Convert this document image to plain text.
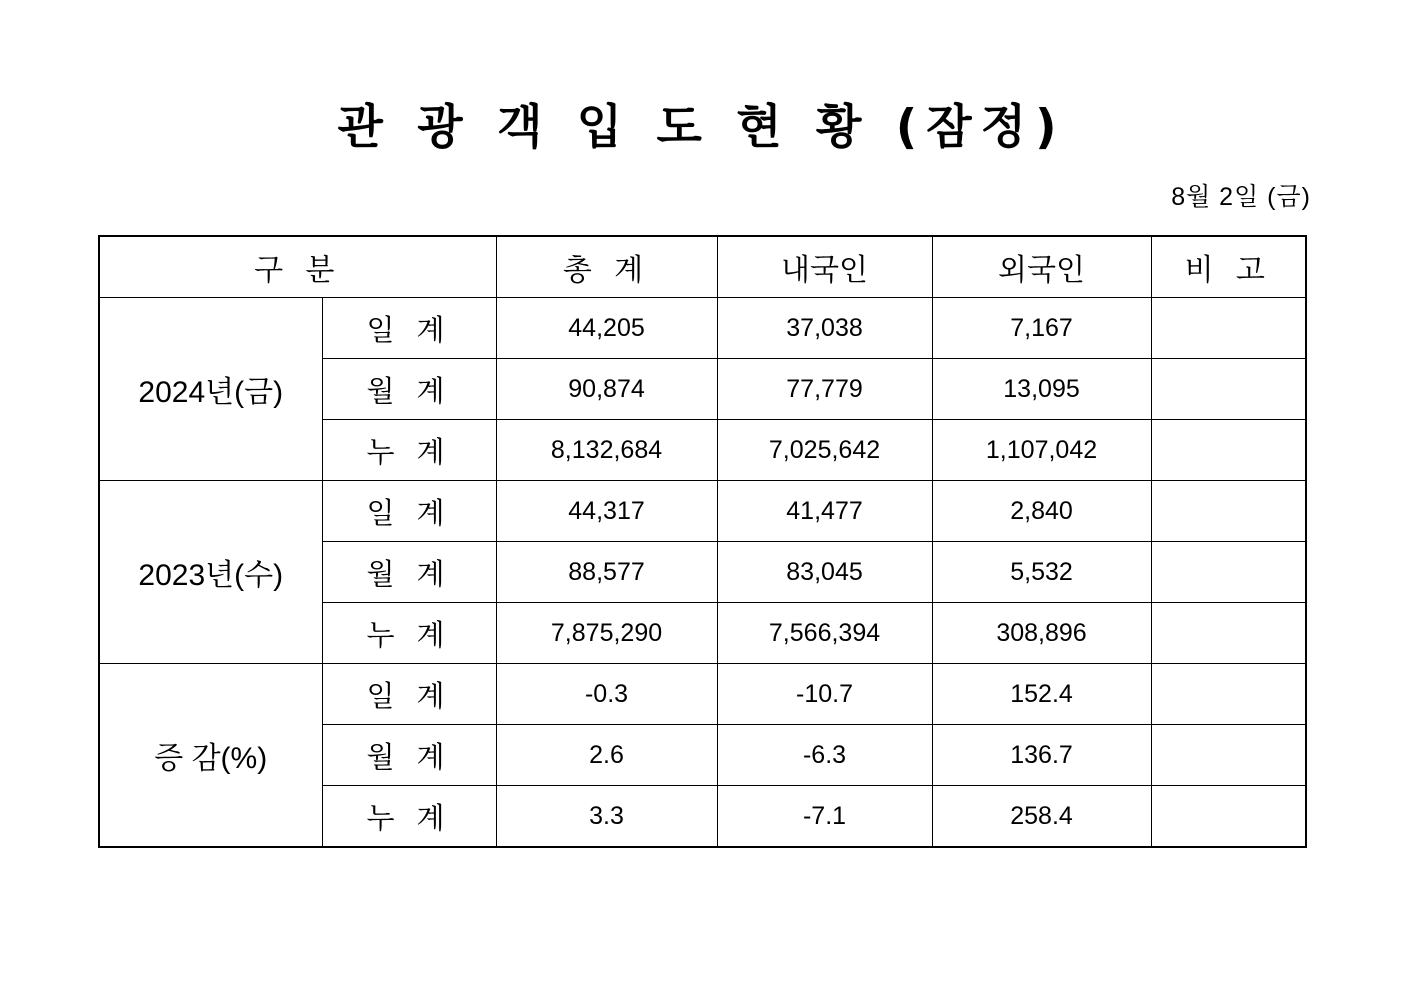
관 광 객 입 도 현 황 (잠정)
8월 2일 (금)
구 분		총 계	내국인	외국인	비 고
2024년(금)	일 계	44,205	37,038	7,167	
	월 계	90,874	77,779	13,095	
	누 계	8,132,684	7,025,642	1,107,042	
2023년(수)	일 계	44,317	41,477	2,840	
	월 계	88,577	83,045	5,532	
	누 계	7,875,290	7,566,394	308,896	
증 감(%)	일 계	-0.3	-10.7	152.4	
	월 계	2.6	-6.3	136.7	
	누 계	3.3	-7.1	258.4	
